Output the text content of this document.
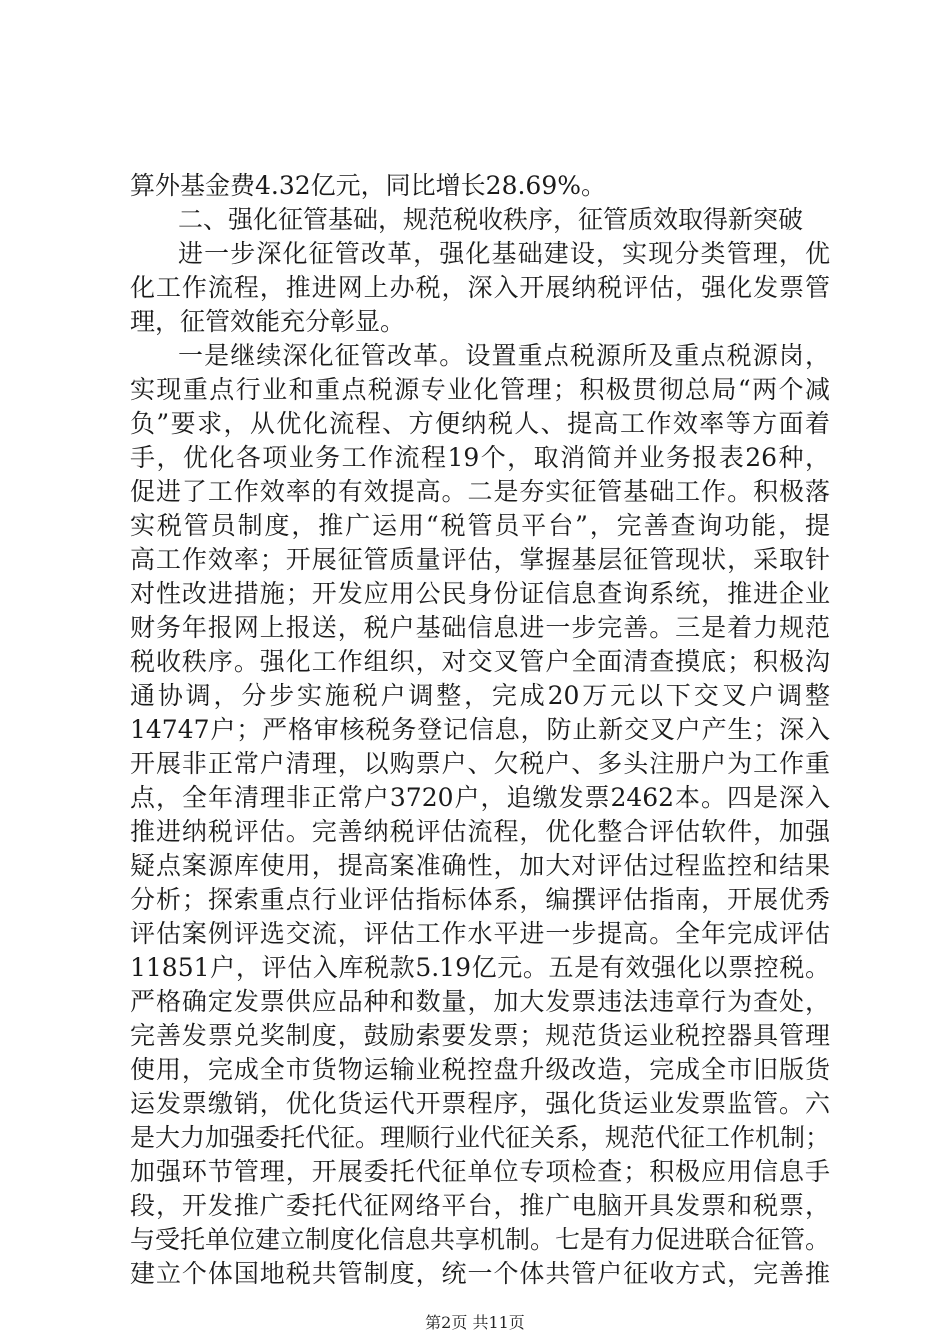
算外基金费4.32亿元，同比增长28.69%。
二、强化征管基础，规范税收秩序，征管质效取得新突破
进一步深化征管改革，强化基础建设，实现分类管理，优
化工作流程，推进网上办税，深入开展纳税评估，强化发票管
理，征管效能充分彰显。
一是继续深化征管改革。设置重点税源所及重点税源岗，
实现重点行业和重点税源专业化管理；积极贯彻总局“两个减
负”要求，从优化流程、方便纳税人、提高工作效率等方面着
手，优化各项业务工作流程19个，取消简并业务报表26种，
促进了工作效率的有效提高。二是夯实征管基础工作。积极落
实税管员制度，推广运用“税管员平台”，完善查询功能，提
高工作效率；开展征管质量评估，掌握基层征管现状，采取针
对性改进措施；开发应用公民身份证信息查询系统，推进企业
财务年报网上报送，税户基础信息进一步完善。三是着力规范
税收秩序。强化工作组织，对交叉管户全面清查摸底；积极沟
通协调，分步实施税户调整，完成20万元以下交叉户调整
14747户；严格审核税务登记信息，防止新交叉户产生；深入
开展非正常户清理，以购票户、欠税户、多头注册户为工作重
点，全年清理非正常户3720户，追缴发票2462本。四是深入
推进纳税评估。完善纳税评估流程，优化整合评估软件，加强
疑点案源库使用，提高案准确性，加大对评估过程监控和结果
分析；探索重点行业评估指标体系，编撰评估指南，开展优秀
评估案例评选交流，评估工作水平进一步提高。全年完成评估
11851户，评估入库税款5.19亿元。五是有效强化以票控税。
严格确定发票供应品种和数量，加大发票违法违章行为查处，
完善发票兑奖制度，鼓励索要发票；规范货运业税控器具管理
使用，完成全市货物运输业税控盘升级改造，完成全市旧版货
运发票缴销，优化货运代开票程序，强化货运业发票监管。六
是大力加强委托代征。理顺行业代征关系，规范代征工作机制；
加强环节管理，开展委托代征单位专项检查；积极应用信息手
段，开发推广委托代征网络平台，推广电脑开具发票和税票，
与受托单位建立制度化信息共享机制。七是有力促进联合征管。
建立个体国地税共管制度，统一个体共管户征收方式，完善推
第2页 共11页
